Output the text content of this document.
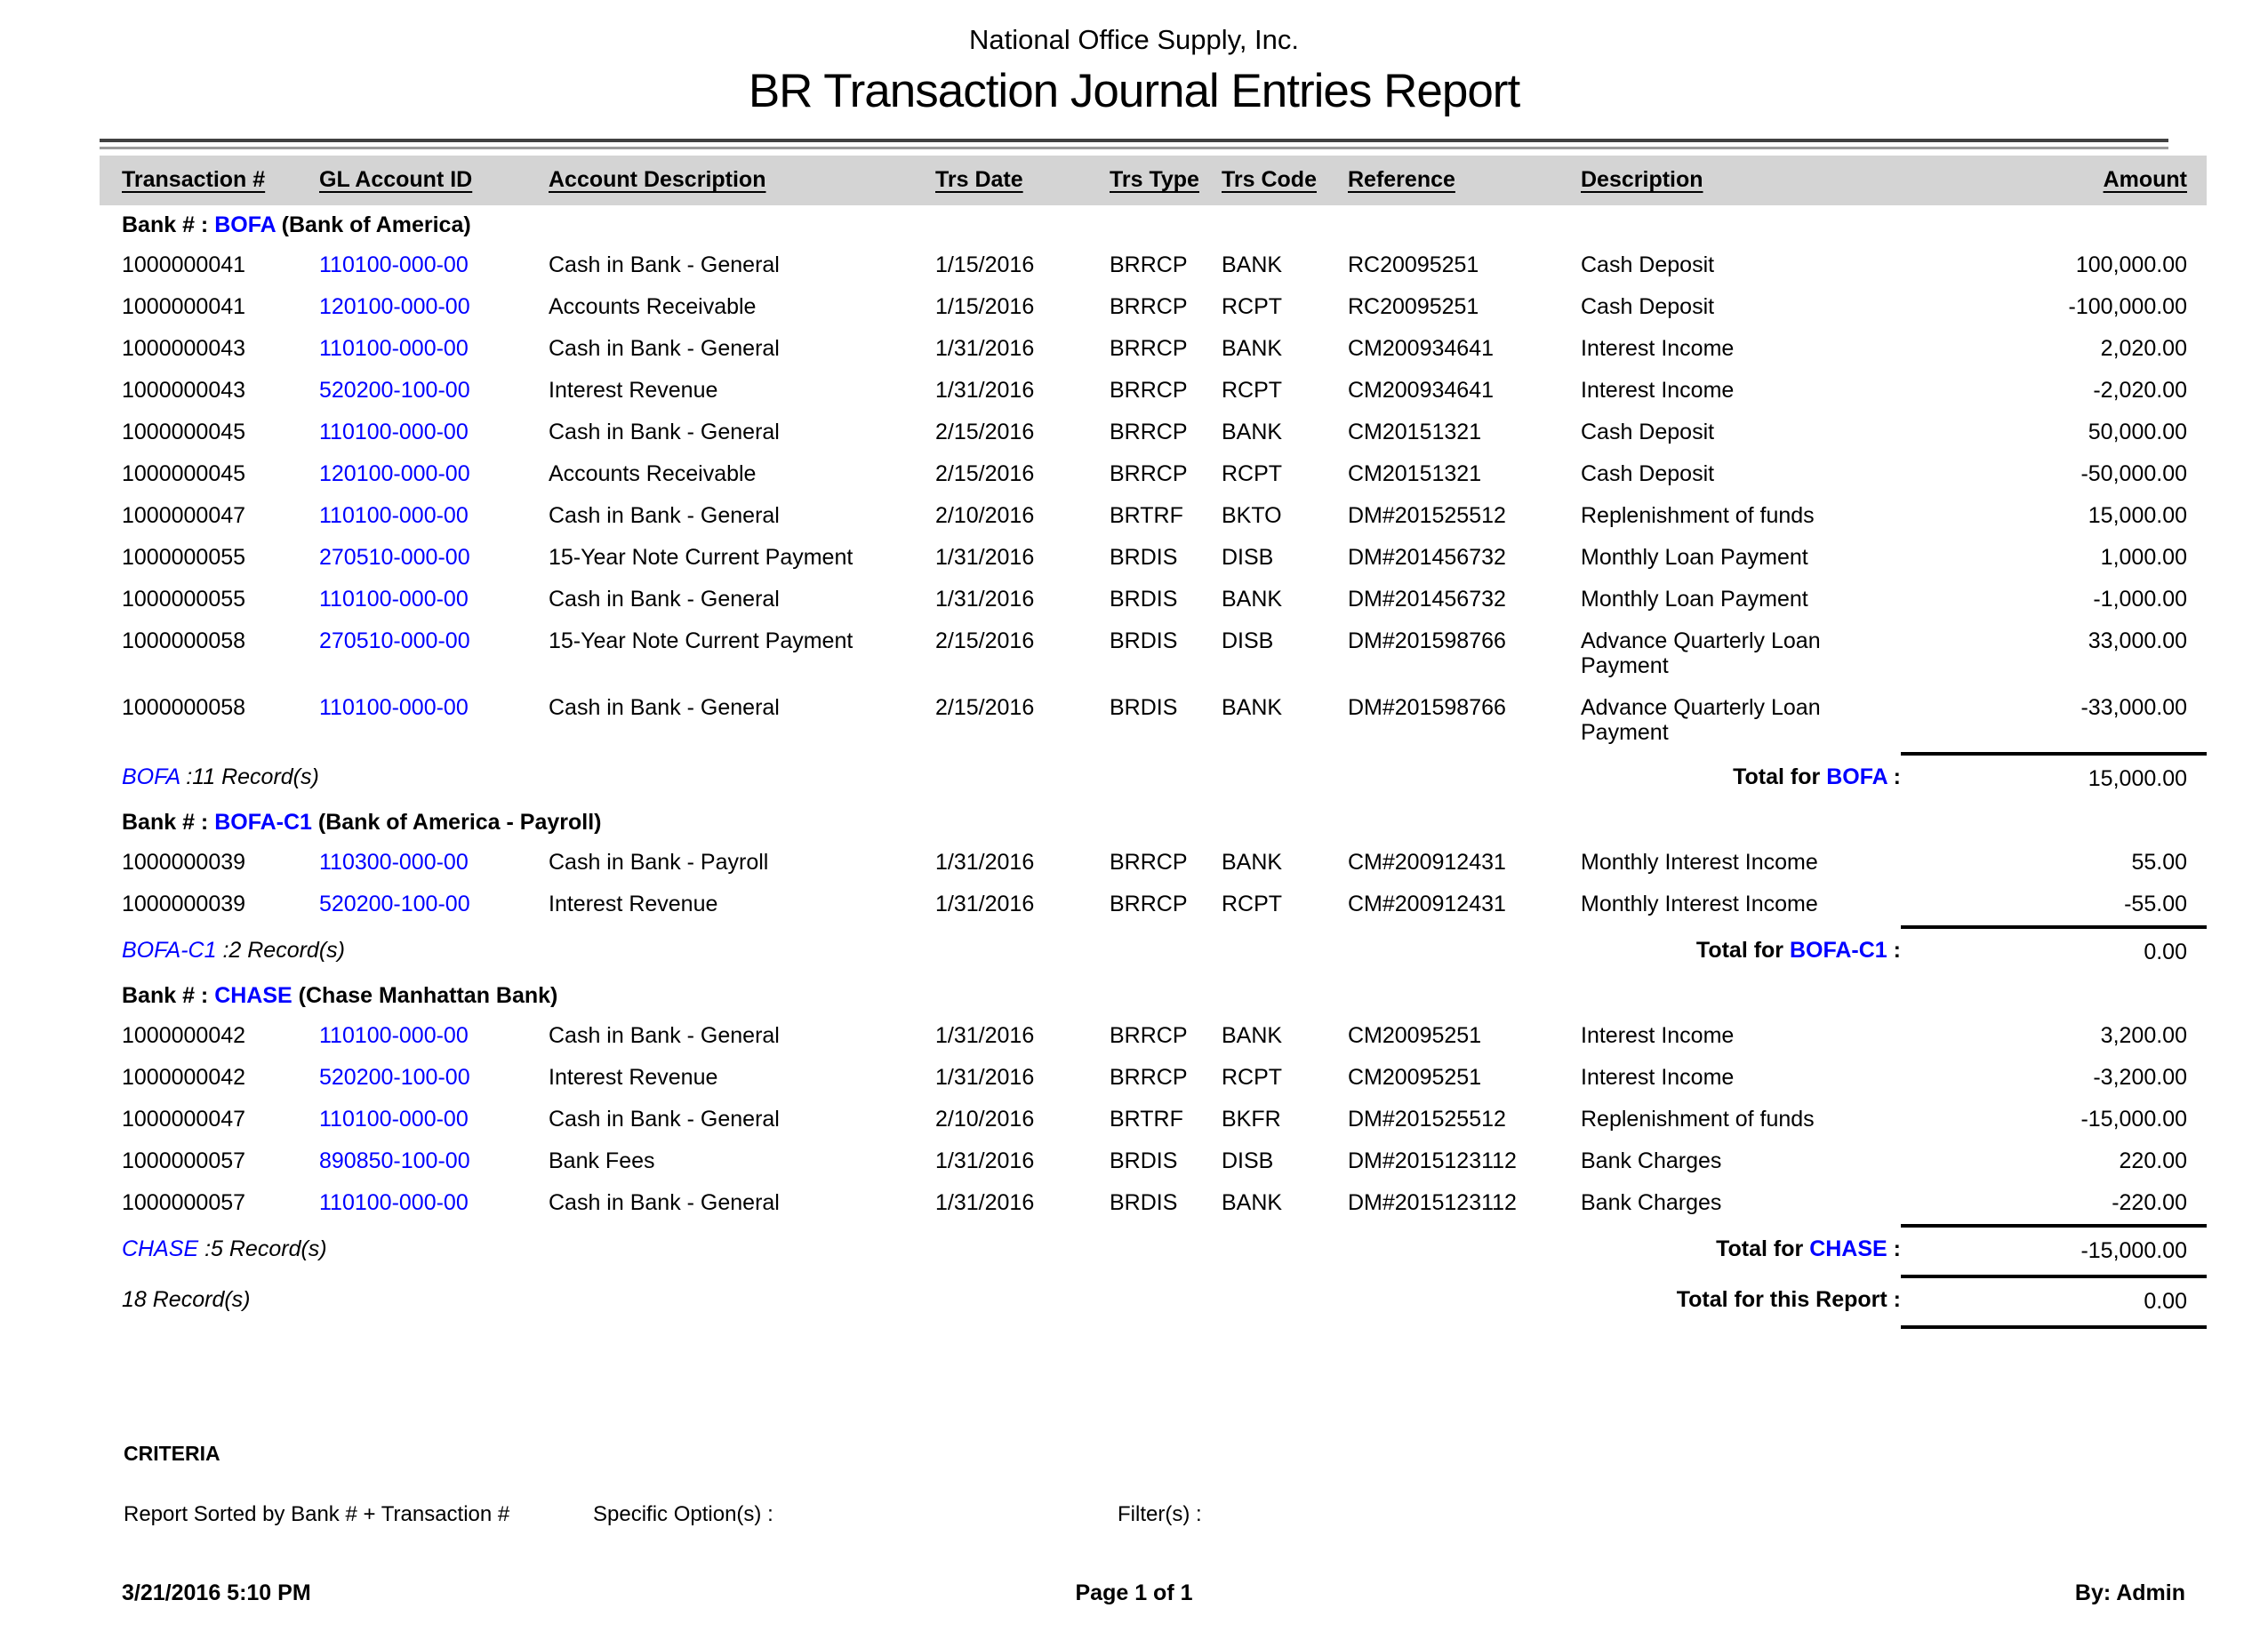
National Office Supply, Inc.
BR Transaction Journal Entries Report
Transaction #	GL Account ID	Account Description	Trs Date	Trs Type	Trs Code	Reference	Description	Amount
Bank # : BOFA (Bank of America)								
1000000041	110100-000-00	Cash in Bank - General	1/15/2016	BRRCP	BANK	RC20095251	Cash Deposit	100,000.00
1000000041	120100-000-00	Accounts Receivable	1/15/2016	BRRCP	RCPT	RC20095251	Cash Deposit	-100,000.00
1000000043	110100-000-00	Cash in Bank - General	1/31/2016	BRRCP	BANK	CM200934641	Interest Income	2,020.00
1000000043	520200-100-00	Interest Revenue	1/31/2016	BRRCP	RCPT	CM200934641	Interest Income	-2,020.00
1000000045	110100-000-00	Cash in Bank - General	2/15/2016	BRRCP	BANK	CM20151321	Cash Deposit	50,000.00
1000000045	120100-000-00	Accounts Receivable	2/15/2016	BRRCP	RCPT	CM20151321	Cash Deposit	-50,000.00
1000000047	110100-000-00	Cash in Bank - General	2/10/2016	BRTRF	BKTO	DM#201525512	Replenishment of funds	15,000.00
1000000055	270510-000-00	15-Year Note Current Payment	1/31/2016	BRDIS	DISB	DM#201456732	Monthly Loan Payment	1,000.00
1000000055	110100-000-00	Cash in Bank - General	1/31/2016	BRDIS	BANK	DM#201456732	Monthly Loan Payment	-1,000.00
1000000058	270510-000-00	15-Year Note Current Payment	2/15/2016	BRDIS	DISB	DM#201598766	Advance Quarterly Loan Payment	33,000.00
1000000058	110100-000-00	Cash in Bank - General	2/15/2016	BRDIS	BANK	DM#201598766	Advance Quarterly Loan Payment	-33,000.00
BOFA :11 Record(s)							Total for BOFA :	15,000.00
Bank # : BOFA-C1 (Bank of America - Payroll)								
1000000039	110300-000-00	Cash in Bank - Payroll	1/31/2016	BRRCP	BANK	CM#200912431	Monthly Interest Income	55.00
1000000039	520200-100-00	Interest Revenue	1/31/2016	BRRCP	RCPT	CM#200912431	Monthly Interest Income	-55.00
BOFA-C1 :2 Record(s)							Total for BOFA-C1 :	0.00
Bank # : CHASE (Chase Manhattan Bank)								
1000000042	110100-000-00	Cash in Bank - General	1/31/2016	BRRCP	BANK	CM20095251	Interest Income	3,200.00
1000000042	520200-100-00	Interest Revenue	1/31/2016	BRRCP	RCPT	CM20095251	Interest Income	-3,200.00
1000000047	110100-000-00	Cash in Bank - General	2/10/2016	BRTRF	BKFR	DM#201525512	Replenishment of funds	-15,000.00
1000000057	890850-100-00	Bank Fees	1/31/2016	BRDIS	DISB	DM#2015123112	Bank Charges	220.00
1000000057	110100-000-00	Cash in Bank - General	1/31/2016	BRDIS	BANK	DM#2015123112	Bank Charges	-220.00
CHASE :5 Record(s)							Total for CHASE :	-15,000.00
18 Record(s)							Total for this Report :	0.00
CRITERIA
Report Sorted by Bank # + Transaction #	Specific Option(s) :	Filter(s) :
3/21/2016 5:10 PM	Page 1 of 1	By: Admin
